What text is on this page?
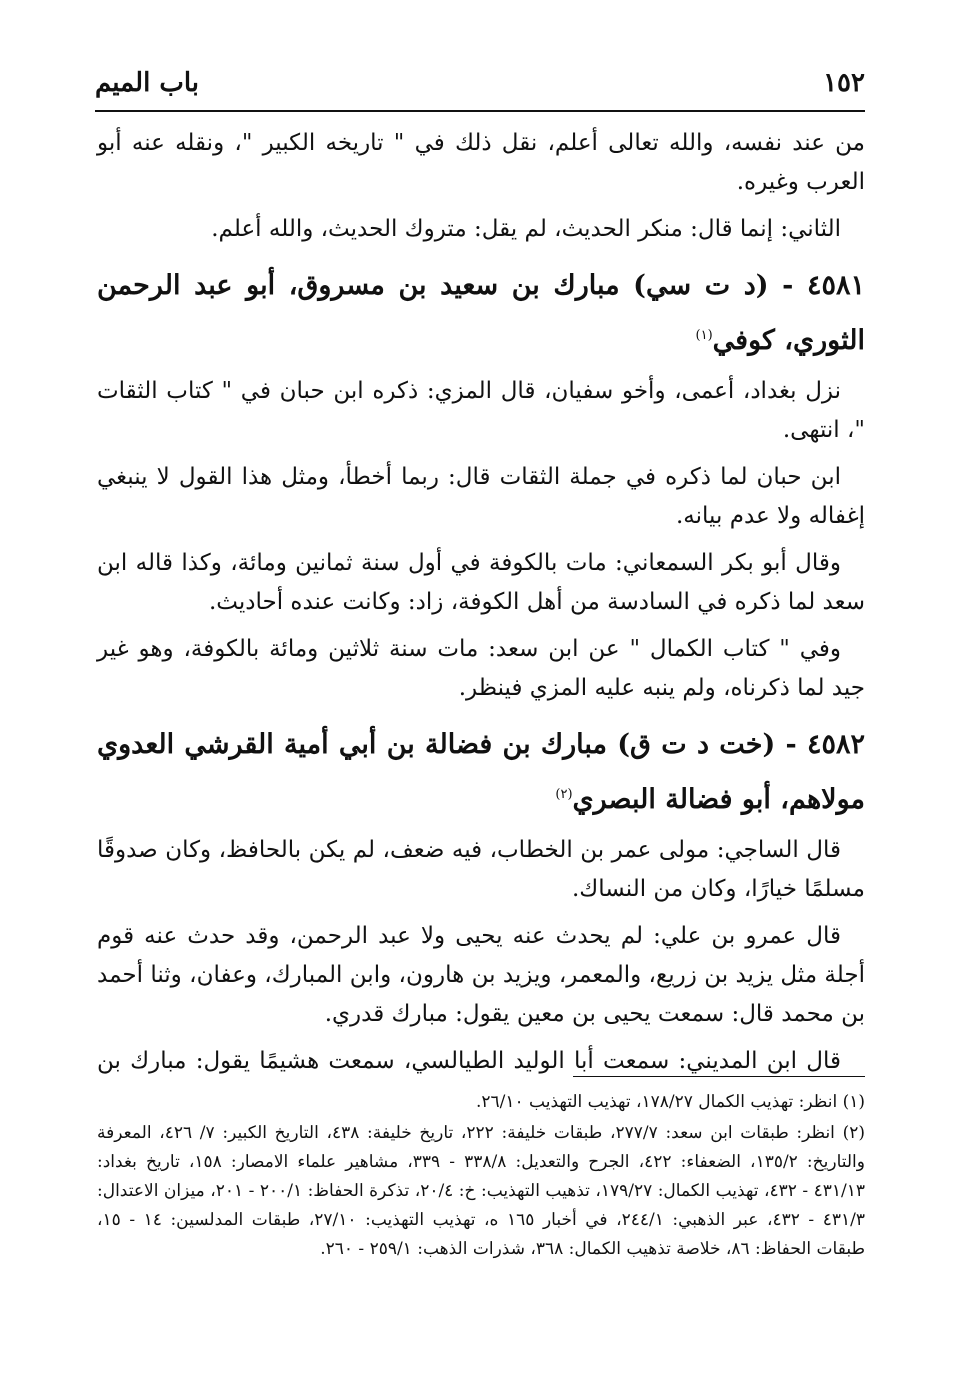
١٥٢
باب الميم

من عند نفسه، والله تعالى أعلم، نقل ذلك في " تاريخه الكبير "، ونقله عنه أبو العرب وغيره.

الثاني: إنما قال: منكر الحديث، لم يقل: متروك الحديث، والله أعلم.

٤٥٨١ - (د ت سي) مبارك بن سعيد بن مسروق، أبو عبد الرحمن الثوري، كوفي$^{(١)}$

نزل بغداد، أعمى، وأخو سفيان، قال المزي: ذكره ابن حبان في " كتاب الثقات "، انتهى.

ابن حبان لما ذكره في جملة الثقات قال: ربما أخطأ، ومثل هذا القول لا ينبغي إغفاله ولا عدم بيانه.

وقال أبو بكر السمعاني: مات بالكوفة في أول سنة ثمانين ومائة، وكذا قاله ابن سعد لما ذكره في السادسة من أهل الكوفة، زاد: وكانت عنده أحاديث.

وفي " كتاب الكمال " عن ابن سعد: مات سنة ثلاثين ومائة بالكوفة، وهو غير جيد لما ذكرناه، ولم ينبه عليه المزي فينظر.

٤٥٨٢ - (خت د ت ق) مبارك بن فضالة بن أبي أمية القرشي العدوي مولاهم، أبو فضالة البصري$^{(٢)}$

قال الساجي: مولى عمر بن الخطاب، فيه ضعف، لم يكن بالحافظ، وكان صدوقًا مسلمًا خيارًا، وكان من النساك.

قال عمرو بن علي: لم يحدث عنه يحيى ولا عبد الرحمن، وقد حدث عنه قوم أجلة مثل يزيد بن زريع، والمعمر، ويزيد بن هارون، وابن المبارك، وعفان، وثنا أحمد بن محمد قال: سمعت يحيى بن معين يقول: مبارك قدري.

قال ابن المديني: سمعت أبا الوليد الطيالسي، سمعت هشيمًا يقول: مبارك بن

(١) انظر: تهذيب الكمال ١٧٨/٢٧، تهذيب التهذيب ٢٦/١٠.

(٢) انظر: طبقات ابن سعد: ٢٧٧/٧، طبقات خليفة: ٢٢٢، تاريخ خليفة: ٤٣٨، التاريخ الكبير: ٧/ ٤٢٦، المعرفة والتاريخ: ١٣٥/٢، الضعفاء: ٤٢٢، الجرح والتعديل: ٣٣٨/٨ - ٣٣٩، مشاهير علماء الامصار: ١٥٨، تاريخ بغداد: ٤٣١/١٣ - ٤٣٢، تهذيب الكمال: ١٧٩/٢٧، تذهيب التهذيب: خ: ٢٠/٤، تذكرة الحفاظ: ٢٠٠/١ - ٢٠١، ميزان الاعتدال: ٤٣١/٣ - ٤٣٢، عبر الذهبي: ٢٤٤/١، في أخبار ١٦٥ ه، تهذيب التهذيب: ٢٧/١٠، طبقات المدلسين: ١٤ - ١٥، طبقات الحفاظ: ٨٦، خلاصة تذهيب الكمال: ٣٦٨، شذرات الذهب: ٢٥٩/١ - ٢٦٠.
